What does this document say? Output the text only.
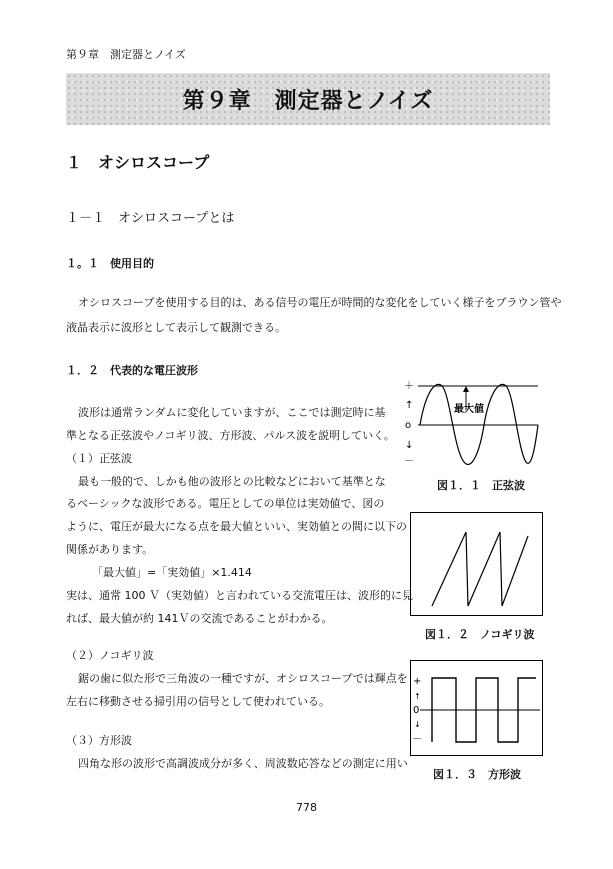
第９章　測定器とノイズ
第９章　測定器とノイズ
１　オシロスコープ
１－１　オシロスコープとは
１。１　使用目的
オシロスコープを使用する目的は、ある信号の電圧が時間的な変化をしていく様子をブラウン管や
液晶表示に波形として表示して観測できる。
１．２　代表的な電圧波形
波形は通常ランダムに変化していますが、ここでは測定時に基
準となる正弦波やノコギリ波、方形波、パルス波を説明していく。
（１）正弦波
最も一般的で、しかも他の波形との比較などにおいて基準とな
るベーシックな波形である。電圧としての単位は実効値で、図の
ように、電圧が最大になる点を最大値といい、実効値との間に以下の
関係があります。
「最大値」=「実効値」×1.414
実は、通常 100 Ｖ（実効値）と言われている交流電圧は、波形的に見
れば、最大値が約 141Ｖの交流であることがわかる。
（２）ノコギリ波
鋸の歯に似た形で三角波の一種ですが、オシロスコープでは輝点を
左右に移動させる掃引用の信号として使われている。
（３）方形波
四角な形の波形で高調波成分が多く、周波数応答などの測定に用い
＋
↑
o
↓
－
最大値
図１．１　正弦波
図１．２　ノコギリ波
+
↑
0
↓
－
図１．３　方形波
778
